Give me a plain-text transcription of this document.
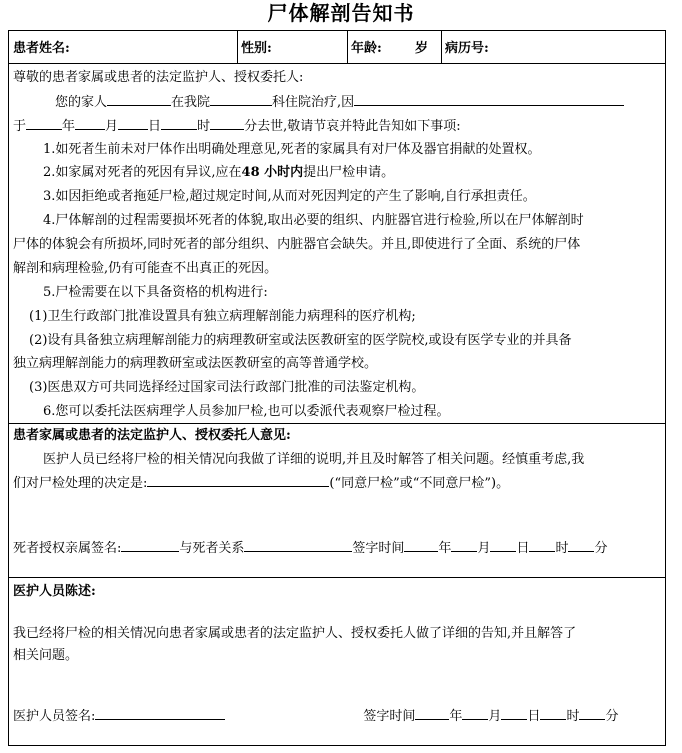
尸体解剖告知书
患者姓名:	性别:	年龄:	岁	病历号:
尊敬的患者家属或患者的法定监护人、授权委托人:
您的家人	在我院	科住院治疗,因
于	年 月 日	时	分去世,敬请节哀并特此告知如下事项:
1.如死者生前未对尸体作出明确处理意见,死者的家属具有对尸体及器官捐献的处置权。
2.如家属对死者的死因有异议,应在48 小时内提出尸检申请。
3.如因拒绝或者拖延尸检,超过规定时间,从而对死因判定的产生了影响,自行承担责任。
4.尸体解剖的过程需要损坏死者的体貌,取出必要的组织、内脏器官进行检验,所以在尸体解剖时
尸体的体貌会有所损坏,同时死者的部分组织、内脏器官会缺失。并且,即使进行了全面、系统的尸体
解剖和病理检验,仍有可能查不出真正的死因。
5.尸检需要在以下具备资格的机构进行:
(1)卫生行政部门批准设置具有独立病理解剖能力病理科的医疗机构;
(2)设有具备独立病理解剖能力的病理教研室或法医教研室的医学院校,或设有医学专业的并具备
独立病理解剖能力的病理教研室或法医教研室的高等普通学校。
(3)医患双方可共同选择经过国家司法行政部门批准的司法鉴定机构。
6.您可以委托法医病理学人员参加尸检,也可以委派代表观察尸检过程。
患者家属或患者的法定监护人、授权委托人意见:
医护人员已经将尸检的相关情况向我做了详细的说明,并且及时解答了相关问题。经慎重考虑,我
们对尸检处理的决定是:	(“同意尸检”或“不同意尸检”)。
死者授权亲属签名:	与死者关系	签字时间	年 月 日 时 分
医护人员陈述:
我已经将尸检的相关情况向患者家属或患者的法定监护人、授权委托人做了详细的告知,并且解答了
相关问题。
医护人员签名:	签字时间	年 月 日 时 分
